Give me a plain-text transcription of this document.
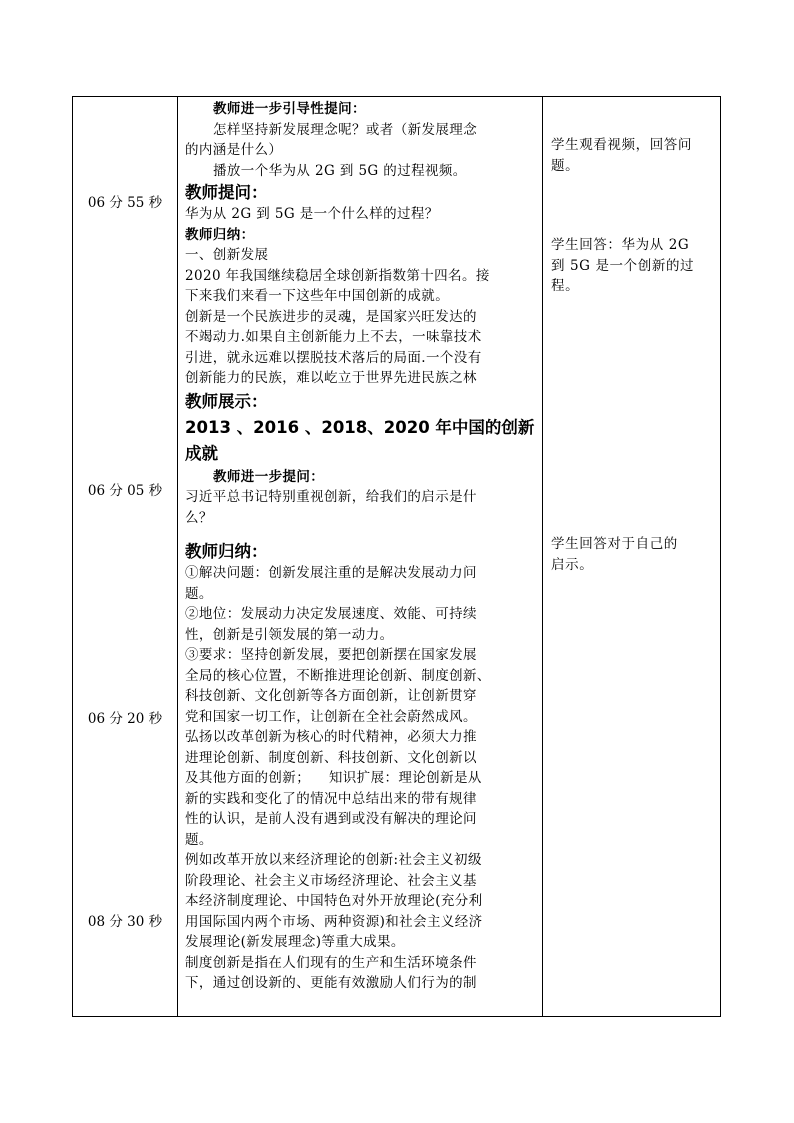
06 分 55 秒
06 分 05 秒
06 分 20 秒
08 分 30 秒
教师进一步引导性提问：
怎样坚持新发展理念呢？或者（新发展理念
的内涵是什么）
播放一个华为从 2G 到 5G 的过程视频。
教师提问：
华为从 2G 到 5G 是一个什么样的过程？
教师归纳：
一、创新发展
2020 年我国继续稳居全球创新指数第十四名。接
下来我们来看一下这些年中国创新的成就。
创新是一个民族进步的灵魂，是国家兴旺发达的
不竭动力.如果自主创新能力上不去，一味靠技术
引进，就永远难以摆脱技术落后的局面.一个没有
创新能力的民族，难以屹立于世界先进民族之林
教师展示：
2013 、2016 、2018、2020 年中国的创新
成就
教师进一步提问：
习近平总书记特别重视创新，给我们的启示是什
么？
教师归纳：
①解决问题：创新发展注重的是解决发展动力问
题。
②地位：发展动力决定发展速度、效能、可持续
性，创新是引领发展的第一动力。
③要求：坚持创新发展，要把创新摆在国家发展
全局的核心位置，不断推进理论创新、制度创新、
科技创新、文化创新等各方面创新，让创新贯穿
党和国家一切工作，让创新在全社会蔚然成风。
弘扬以改革创新为核心的时代精神，必须大力推
进理论创新、制度创新、科技创新、文化创新以
及其他方面的创新；    知识扩展：理论创新是从
新的实践和变化了的情况中总结出来的带有规律
性的认识，是前人没有遇到或没有解决的理论问
题。
例如改革开放以来经济理论的创新:社会主义初级
阶段理论、社会主义市场经济理论、社会主义基
本经济制度理论、中国特色对外开放理论(充分利
用国际国内两个市场、两种资源)和社会主义经济
发展理论(新发展理念)等重大成果。
制度创新是指在人们现有的生产和生活环境条件
下，通过创设新的、更能有效激励人们行为的制
学生观看视频，回答问
题。
学生回答：华为从 2G
到 5G 是一个创新的过
程。
学生回答对于自己的
启示。
